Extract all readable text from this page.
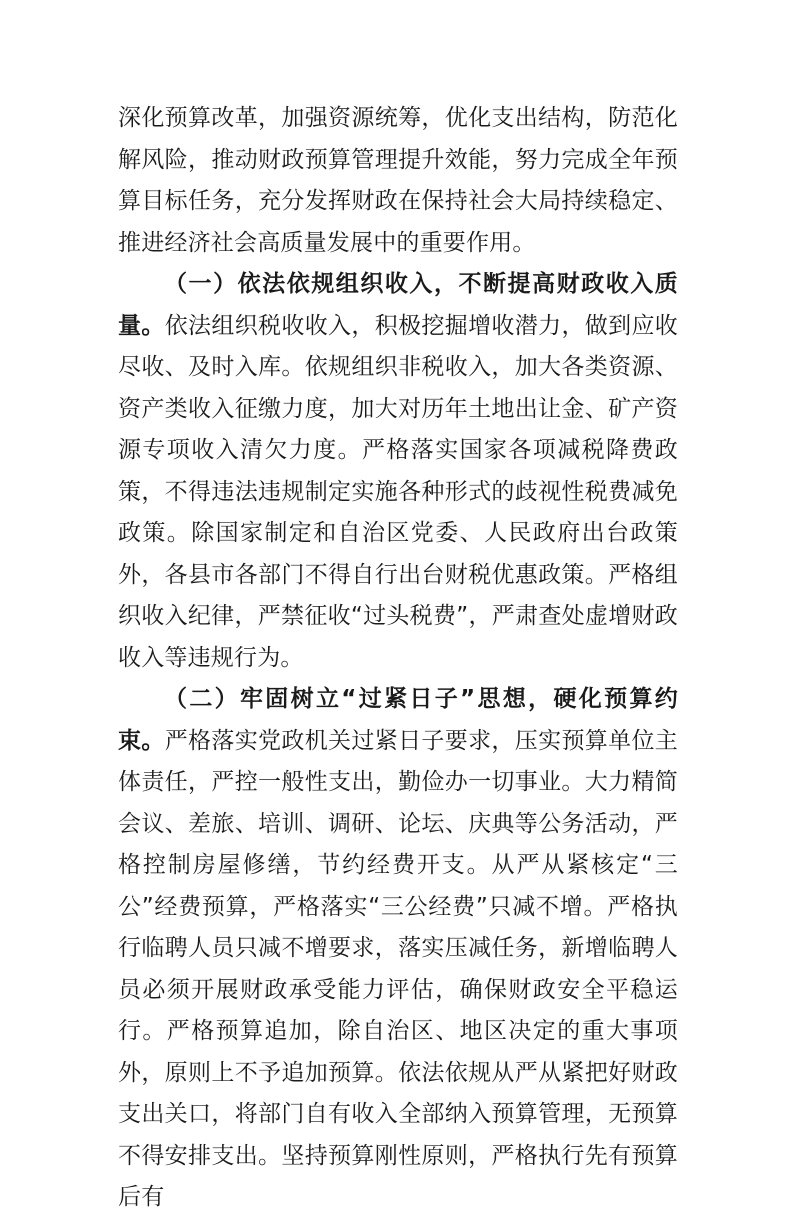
深化预算改革，加强资源统筹，优化支出结构，防范化解风险，推动财政预算管理提升效能，努力完成全年预算目标任务，充分发挥财政在保持社会大局持续稳定、推进经济社会高质量发展中的重要作用。

（一）依法依规组织收入，不断提高财政收入质量。依法组织税收收入，积极挖掘增收潜力，做到应收尽收、及时入库。依规组织非税收入，加大各类资源、资产类收入征缴力度，加大对历年土地出让金、矿产资源专项收入清欠力度。严格落实国家各项减税降费政策，不得违法违规制定实施各种形式的歧视性税费减免政策。除国家制定和自治区党委、人民政府出台政策外，各县市各部门不得自行出台财税优惠政策。严格组织收入纪律，严禁征收“过头税费”，严肃查处虚增财政收入等违规行为。

（二）牢固树立“过紧日子”思想，硬化预算约束。严格落实党政机关过紧日子要求，压实预算单位主体责任，严控一般性支出，勤俭办一切事业。大力精简会议、差旅、培训、调研、论坛、庆典等公务活动，严格控制房屋修缮，节约经费开支。从严从紧核定“三公”经费预算，严格落实“三公经费”只减不增。严格执行临聘人员只减不增要求，落实压减任务，新增临聘人员必须开展财政承受能力评估，确保财政安全平稳运行。严格预算追加，除自治区、地区决定的重大事项外，原则上不予追加预算。依法依规从严从紧把好财政支出关口，将部门自有收入全部纳入预算管理，无预算不得安排支出。坚持预算刚性原则，严格执行先有预算后有
